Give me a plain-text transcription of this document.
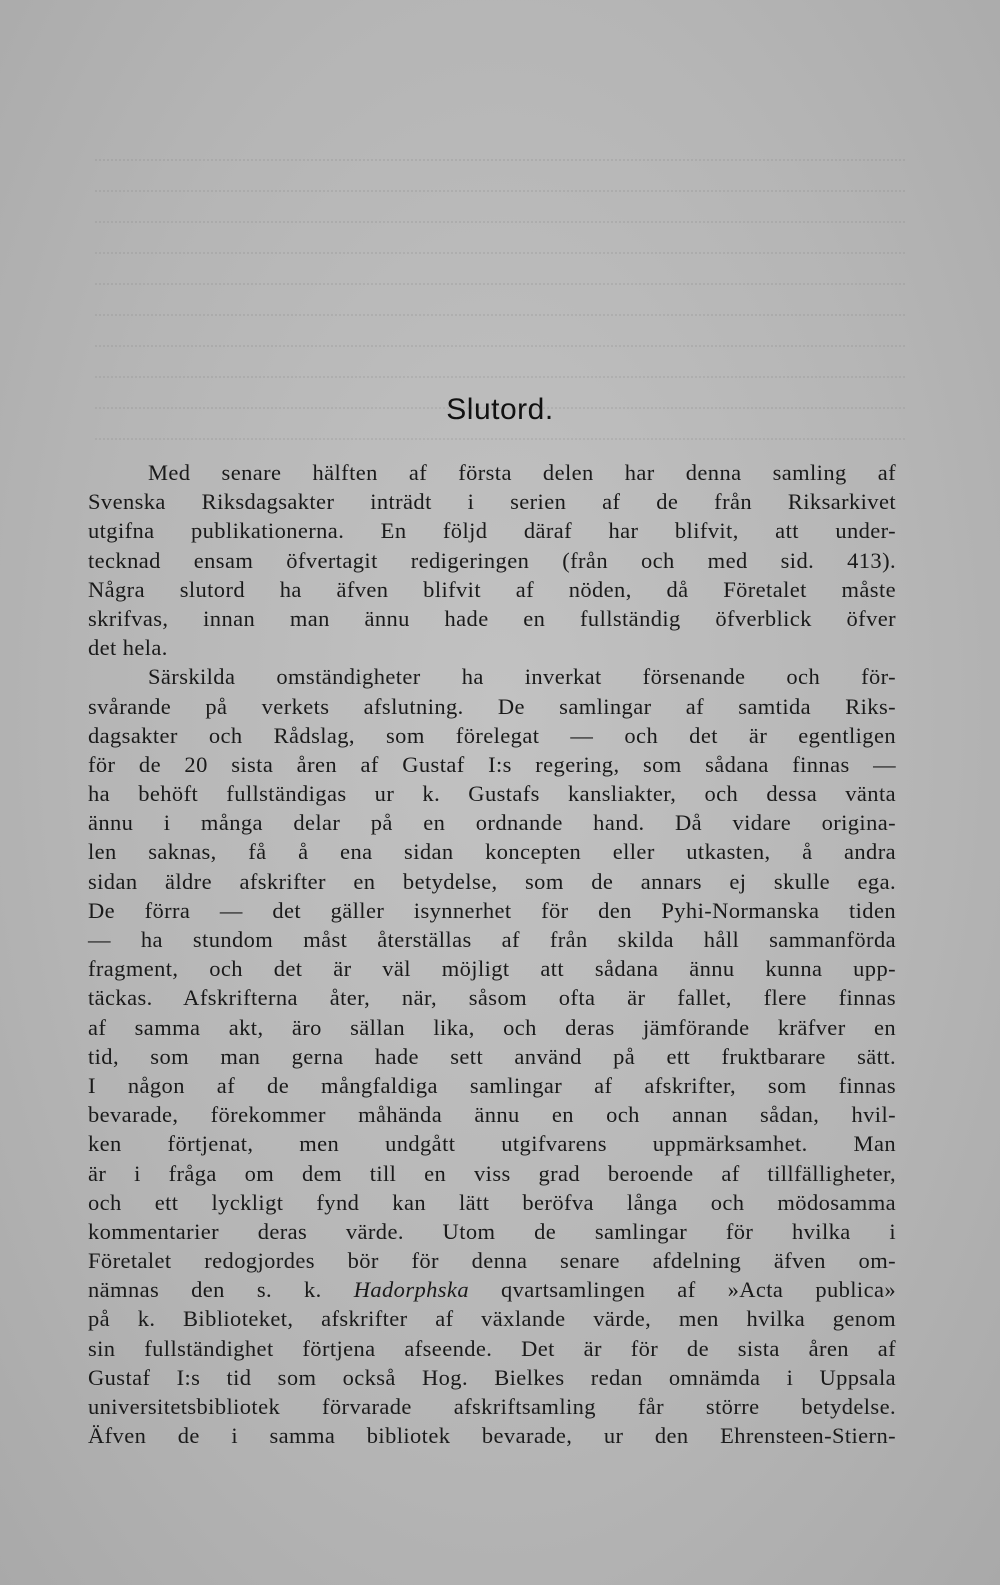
Slutord.
Med senare hälften af första delen har denna samling af
Svenska Riksdagsakter inträdt i serien af de från Riksarkivet
utgifna publikationerna. En följd däraf har blifvit, att under-
tecknad ensam öfvertagit redigeringen (från och med sid. 413).
Några slutord ha äfven blifvit af nöden, då Företalet måste
skrifvas, innan man ännu hade en fullständig öfverblick öfver
det hela.
Särskilda omständigheter ha inverkat försenande och för-
svårande på verkets afslutning. De samlingar af samtida Riks-
dagsakter och Rådslag, som förelegat — och det är egentligen
för de 20 sista åren af Gustaf I:s regering, som sådana finnas —
ha behöft fullständigas ur k. Gustafs kansliakter, och dessa vänta
ännu i många delar på en ordnande hand. Då vidare origina-
len saknas, få å ena sidan koncepten eller utkasten, å andra
sidan äldre afskrifter en betydelse, som de annars ej skulle ega.
De förra — det gäller isynnerhet för den Pyhi-Normanska tiden
— ha stundom måst återställas af från skilda håll sammanförda
fragment, och det är väl möjligt att sådana ännu kunna upp-
täckas. Afskrifterna åter, när, såsom ofta är fallet, flere finnas
af samma akt, äro sällan lika, och deras jämförande kräfver en
tid, som man gerna hade sett använd på ett fruktbarare sätt.
I någon af de mångfaldiga samlingar af afskrifter, som finnas
bevarade, förekommer måhända ännu en och annan sådan, hvil-
ken förtjenat, men undgått utgifvarens uppmärksamhet. Man
är i fråga om dem till en viss grad beroende af tillfälligheter,
och ett lyckligt fynd kan lätt beröfva långa och mödosamma
kommentarier deras värde. Utom de samlingar för hvilka i
Företalet redogjordes bör för denna senare afdelning äfven om-
nämnas den s. k. Hadorphska qvartsamlingen af »Acta publica»
på k. Biblioteket, afskrifter af växlande värde, men hvilka genom
sin fullständighet förtjena afseende. Det är för de sista åren af
Gustaf I:s tid som också Hog. Bielkes redan omnämda i Uppsala
universitetsbibliotek förvarade afskriftsamling får större betydelse.
Äfven de i samma bibliotek bevarade, ur den Ehrensteen-Stiern-
